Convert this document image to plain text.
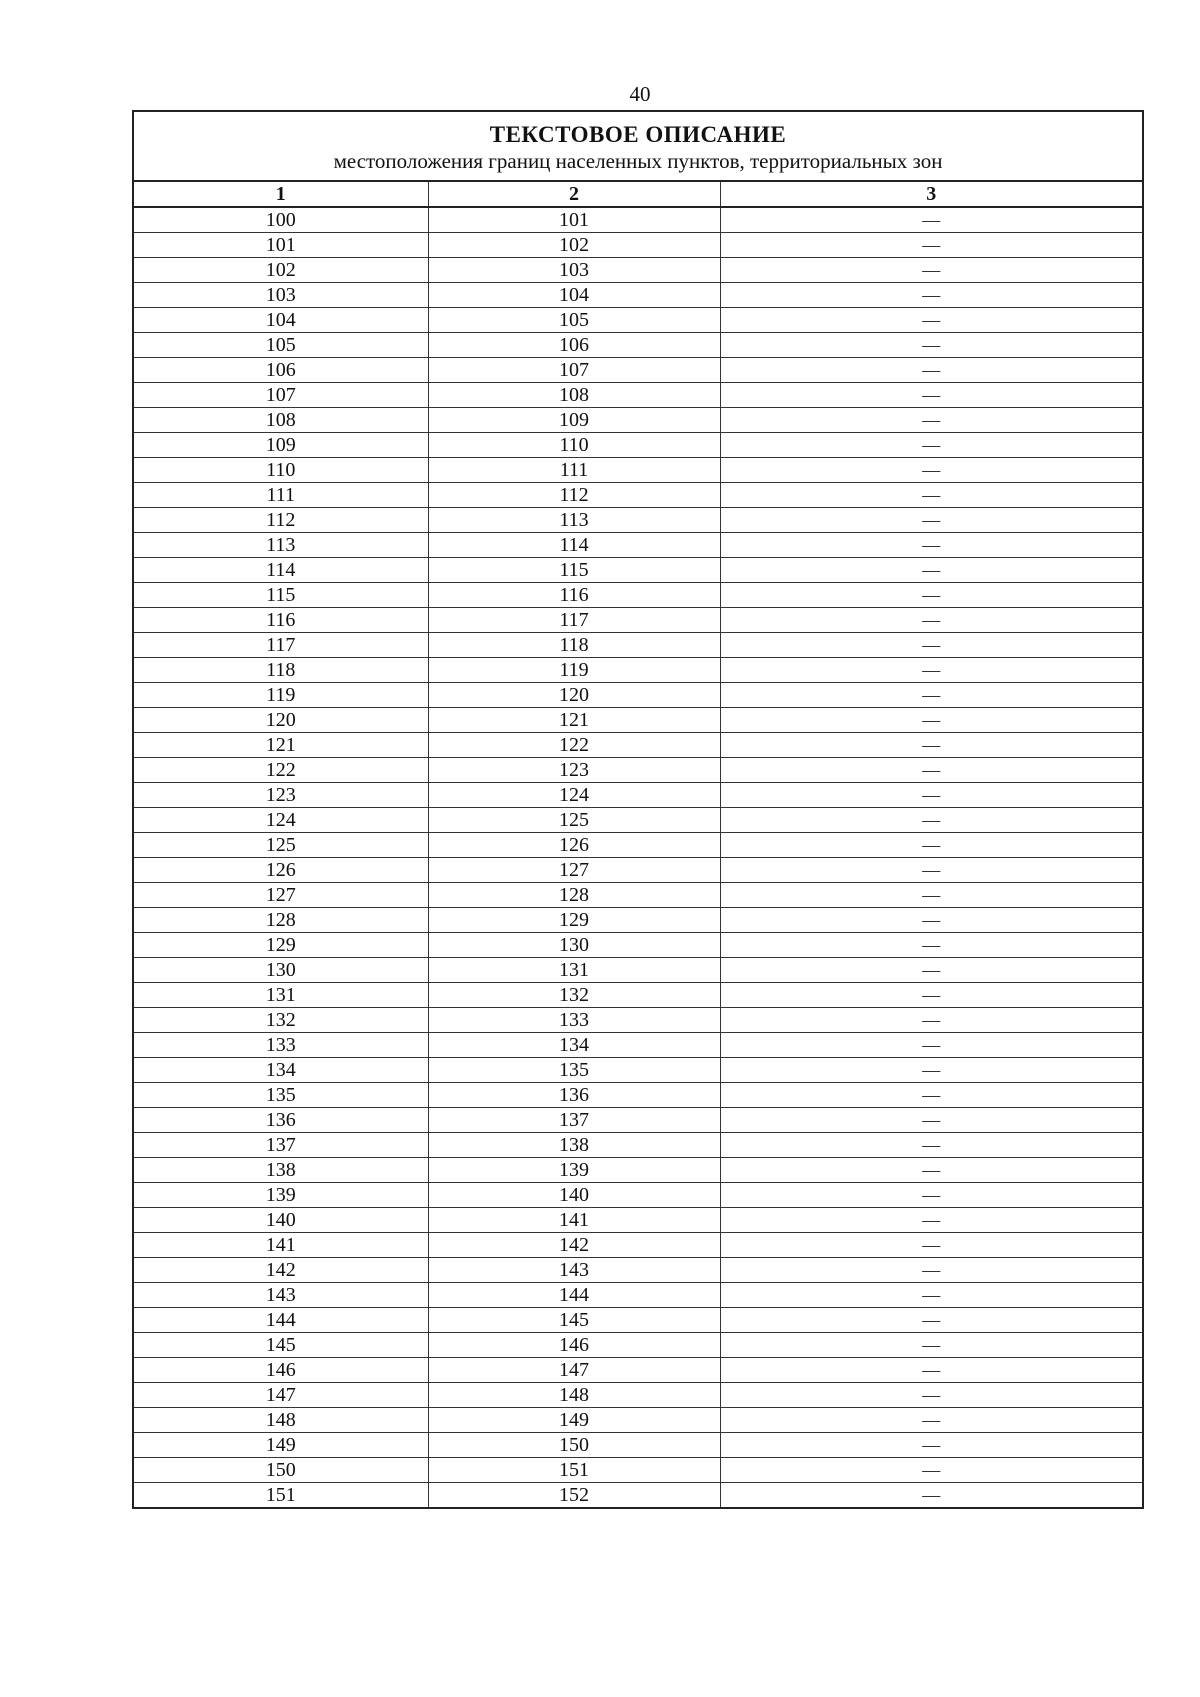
40
ТЕКСТОВОЕ ОПИСАНИЕ
местоположения границ населенных пунктов, территориальных зон
1	2	3
100	101	—
101	102	—
102	103	—
103	104	—
104	105	—
105	106	—
106	107	—
107	108	—
108	109	—
109	110	—
110	111	—
111	112	—
112	113	—
113	114	—
114	115	—
115	116	—
116	117	—
117	118	—
118	119	—
119	120	—
120	121	—
121	122	—
122	123	—
123	124	—
124	125	—
125	126	—
126	127	—
127	128	—
128	129	—
129	130	—
130	131	—
131	132	—
132	133	—
133	134	—
134	135	—
135	136	—
136	137	—
137	138	—
138	139	—
139	140	—
140	141	—
141	142	—
142	143	—
143	144	—
144	145	—
145	146	—
146	147	—
147	148	—
148	149	—
149	150	—
150	151	—
151	152	—
